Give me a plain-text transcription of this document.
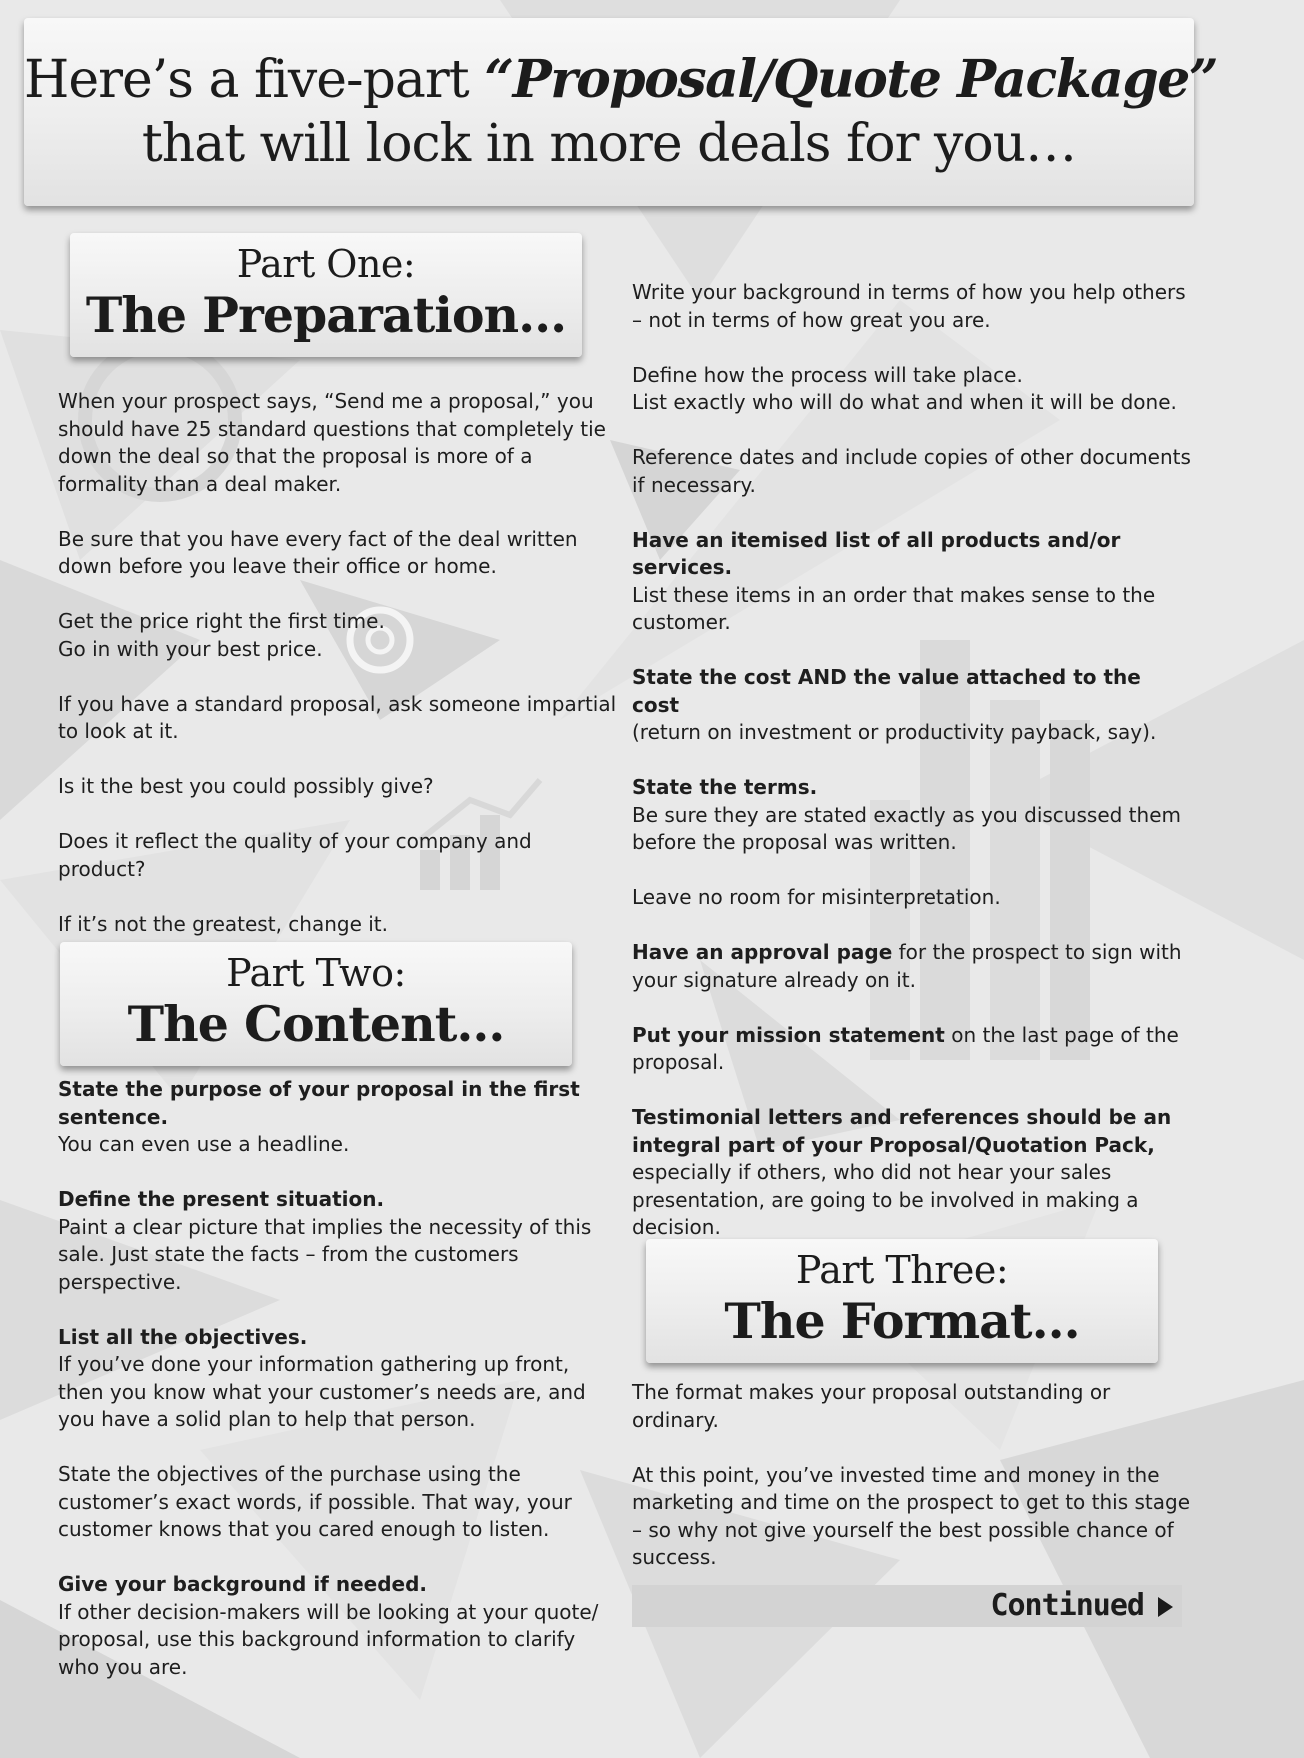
Here’s a five-part “Proposal/Quote Package”
that will lock in more deals for you…
Part One:
The Preparation…

When your prospect says, “Send me a proposal,” you should have 25 standard questions that completely tie down the deal so that the proposal is more of a formality than a deal maker.

Be sure that you have every fact of the deal written down before you leave their office or home.

Get the price right the first time.
Go in with your best price.

If you have a standard proposal, ask someone impartial to look at it.

Is it the best you could possibly give?

Does it reflect the quality of your company and product?

If it’s not the greatest, change it.

Part Two:
The Content…

State the purpose of your proposal in the first sentence.
You can even use a headline.

Define the present situation.
Paint a clear picture that implies the necessity of this sale. Just state the facts – from the customers perspective.

List all the objectives.
If you’ve done your information gathering up front, then you know what your customer’s needs are, and you have a solid plan to help that person.

State the objectives of the purchase using the customer’s exact words, if possible. That way, your customer knows that you cared enough to listen.

Give your background if needed.
If other decision-makers will be looking at your quote/ proposal, use this background information to clarify who you are.

Write your background in terms of how you help others – not in terms of how great you are.

Define how the process will take place.
List exactly who will do what and when it will be done.

Reference dates and include copies of other documents if necessary.

Have an itemised list of all products and/or services.
List these items in an order that makes sense to the customer.

State the cost AND the value attached to the cost
(return on investment or productivity payback, say).

State the terms.
Be sure they are stated exactly as you discussed them before the proposal was written.

Leave no room for misinterpretation.

Have an approval page for the prospect to sign with your signature already on it.

Put your mission statement on the last page of the proposal.

Testimonial letters and references should be an integral part of your Proposal/Quotation Pack, especially if others, who did not hear your sales presentation, are going to be involved in making a decision.

Part Three:
The Format…

The format makes your proposal outstanding or ordinary.

At this point, you’ve invested time and money in the marketing and time on the prospect to get to this stage – so why not give yourself the best possible chance of success.

Continued
